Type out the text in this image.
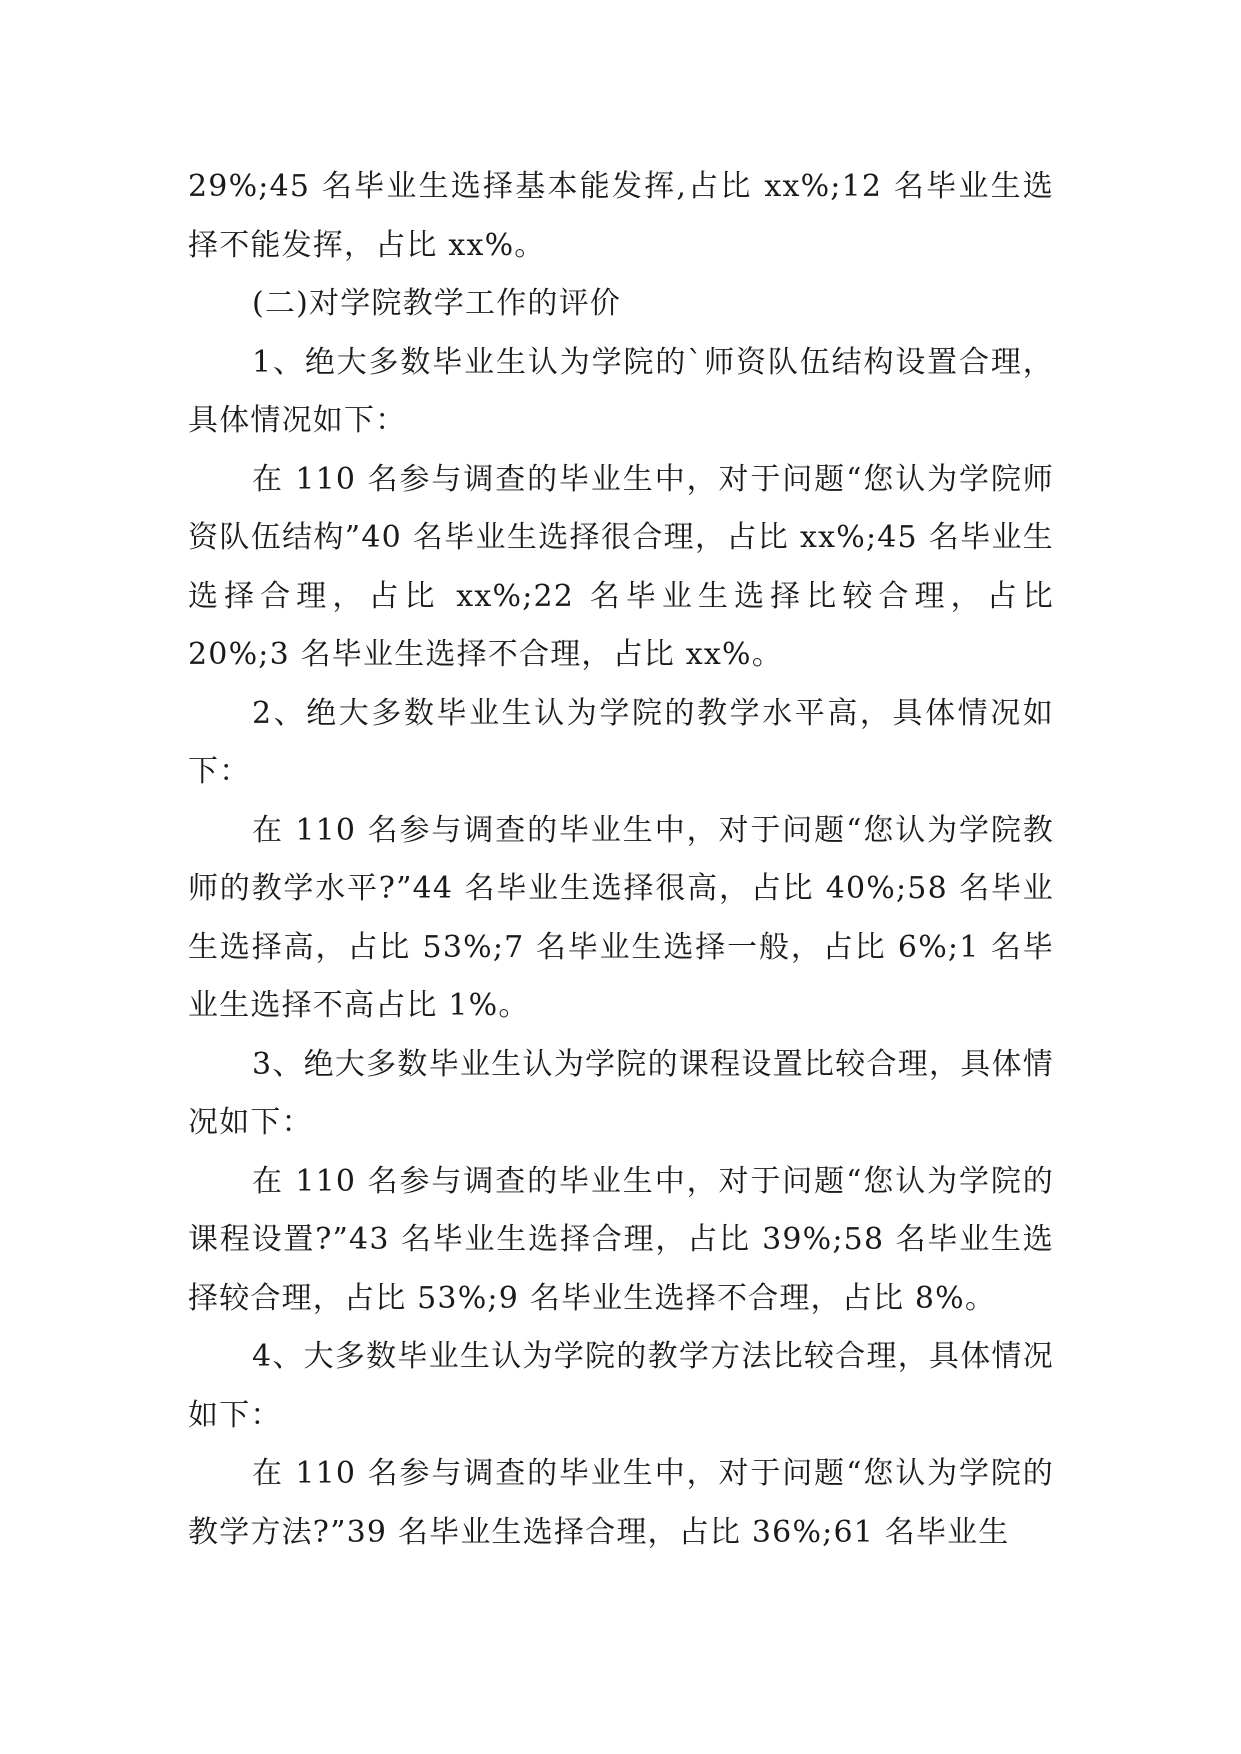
29%;45 名毕业生选择基本能发挥,占比 xx%;12 名毕业生选择不能发挥，占比 xx%。

(二)对学院教学工作的评价

1、绝大多数毕业生认为学院的`师资队伍结构设置合理，具体情况如下：

在 110 名参与调查的毕业生中，对于问题“您认为学院师资队伍结构”40 名毕业生选择很合理，占比 xx%;45 名毕业生选择合理，占比 xx%;22 名毕业生选择比较合理，占比 20%;3 名毕业生选择不合理，占比 xx%。

2、绝大多数毕业生认为学院的教学水平高，具体情况如下：

在 110 名参与调查的毕业生中，对于问题“您认为学院教师的教学水平?”44 名毕业生选择很高，占比 40%;58 名毕业生选择高，占比 53%;7 名毕业生选择一般，占比 6%;1 名毕业生选择不高占比 1%。

3、绝大多数毕业生认为学院的课程设置比较合理，具体情况如下：

在 110 名参与调查的毕业生中，对于问题“您认为学院的课程设置?”43 名毕业生选择合理，占比 39%;58 名毕业生选择较合理，占比 53%;9 名毕业生选择不合理，占比 8%。

4、大多数毕业生认为学院的教学方法比较合理，具体情况如下：

在 110 名参与调查的毕业生中，对于问题“您认为学院的教学方法?”39 名毕业生选择合理，占比 36%;61 名毕业生
